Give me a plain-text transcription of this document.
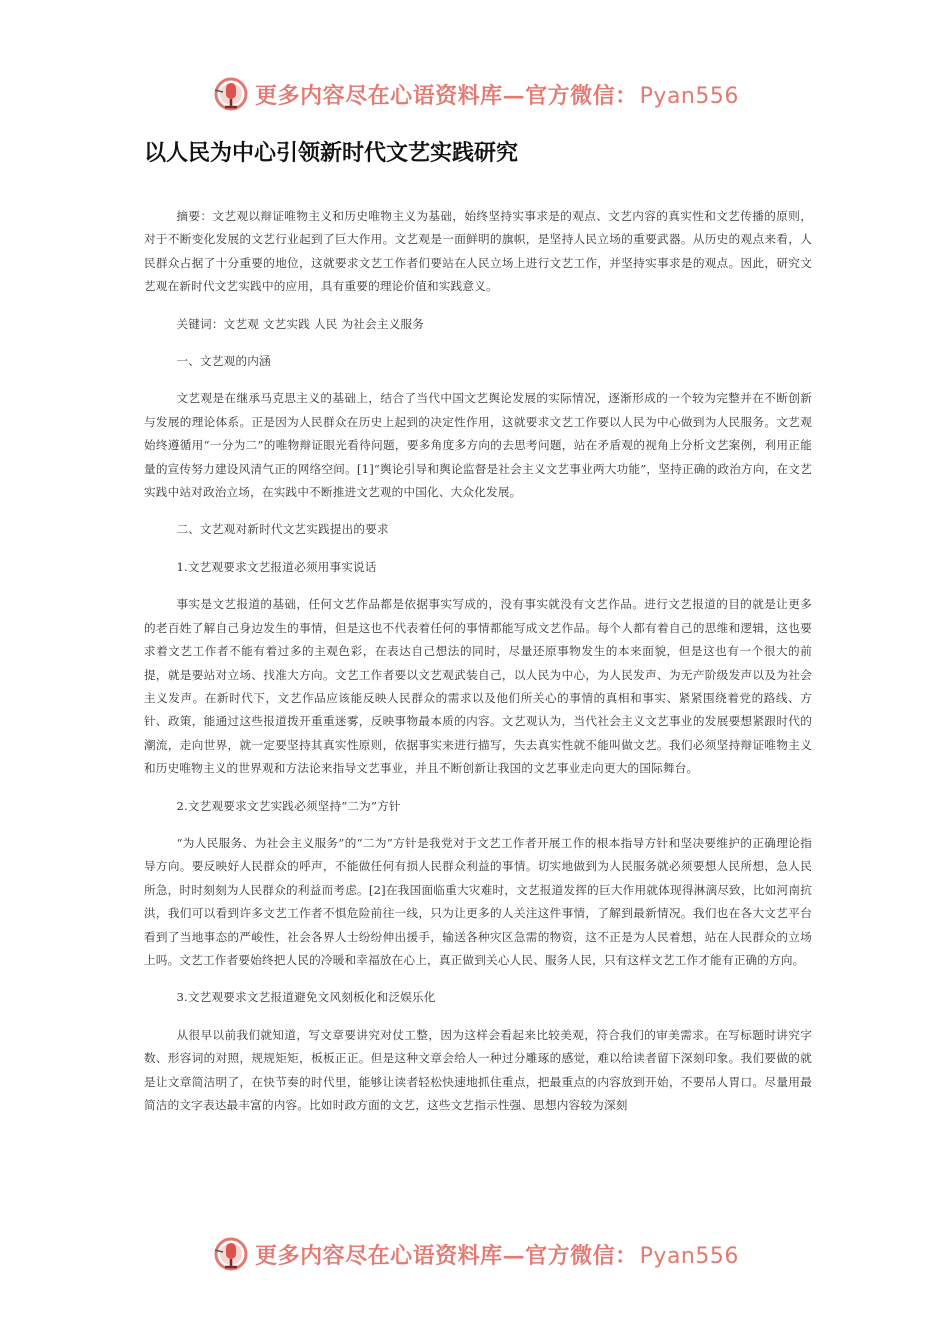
更多内容尽在心语资料库—官方微信：Pyan556
以人民为中心引领新时代文艺实践研究

摘要：文艺观以辩证唯物主义和历史唯物主义为基础，始终坚持实事求是的观点、文艺内容的真实性和文艺传播的原则，对于不断变化发展的文艺行业起到了巨大作用。文艺观是一面鲜明的旗帜，是坚持人民立场的重要武器。从历史的观点来看，人民群众占据了十分重要的地位，这就要求文艺工作者们要站在人民立场上进行文艺工作，并坚持实事求是的观点。因此，研究文艺观在新时代文艺实践中的应用，具有重要的理论价值和实践意义。

关键词：文艺观 文艺实践 人民 为社会主义服务

一、文艺观的内涵

文艺观是在继承马克思主义的基础上，结合了当代中国文艺舆论发展的实际情况，逐渐形成的一个较为完整并在不断创新与发展的理论体系。正是因为人民群众在历史上起到的决定性作用，这就要求文艺工作要以人民为中心做到为人民服务。文艺观始终遵循用“一分为二”的唯物辩证眼光看待问题，要多角度多方向的去思考问题，站在矛盾观的视角上分析文艺案例，利用正能量的宣传努力建设风清气正的网络空间。[1]“舆论引导和舆论监督是社会主义文艺事业两大功能”，坚持正确的政治方向，在文艺实践中站对政治立场，在实践中不断推进文艺观的中国化、大众化发展。

二、文艺观对新时代文艺实践提出的要求

1.文艺观要求文艺报道必须用事实说话

事实是文艺报道的基础，任何文艺作品都是依据事实写成的，没有事实就没有文艺作品。进行文艺报道的目的就是让更多的老百姓了解自己身边发生的事情，但是这也不代表着任何的事情都能写成文艺作品。每个人都有着自己的思维和逻辑，这也要求着文艺工作者不能有着过多的主观色彩，在表达自己想法的同时，尽量还原事物发生的本来面貌，但是这也有一个很大的前提，就是要站对立场、找准大方向。文艺工作者要以文艺观武装自己，以人民为中心，为人民发声、为无产阶级发声以及为社会主义发声。在新时代下，文艺作品应该能反映人民群众的需求以及他们所关心的事情的真相和事实、紧紧围绕着党的路线、方针、政策，能通过这些报道拨开重重迷雾，反映事物最本质的内容。文艺观认为，当代社会主义文艺事业的发展要想紧跟时代的潮流，走向世界，就一定要坚持其真实性原则，依据事实来进行描写，失去真实性就不能叫做文艺。我们必须坚持辩证唯物主义和历史唯物主义的世界观和方法论来指导文艺事业，并且不断创新让我国的文艺事业走向更大的国际舞台。

2.文艺观要求文艺实践必须坚持“二为”方针

“为人民服务、为社会主义服务”的“二为”方针是我党对于文艺工作者开展工作的根本指导方针和坚决要维护的正确理论指导方向。要反映好人民群众的呼声，不能做任何有损人民群众利益的事情。切实地做到为人民服务就必须要想人民所想，急人民所急，时时刻刻为人民群众的利益而考虑。[2]在我国面临重大灾难时，文艺报道发挥的巨大作用就体现得淋漓尽致，比如河南抗洪，我们可以看到许多文艺工作者不惧危险前往一线，只为让更多的人关注这件事情，了解到最新情况。我们也在各大文艺平台看到了当地事态的严峻性，社会各界人士纷纷伸出援手，输送各种灾区急需的物资，这不正是为人民着想，站在人民群众的立场上吗。文艺工作者要始终把人民的冷暖和幸福放在心上，真正做到关心人民、服务人民，只有这样文艺工作才能有正确的方向。

3.文艺观要求文艺报道避免文风刻板化和泛娱乐化

从很早以前我们就知道，写文章要讲究对仗工整，因为这样会看起来比较美观，符合我们的审美需求。在写标题时讲究字数、形容词的对照，规规矩矩，板板正正。但是这种文章会给人一种过分雕琢的感觉，难以给读者留下深刻印象。我们要做的就是让文章简洁明了，在快节奏的时代里，能够让读者轻松快速地抓住重点，把最重点的内容放到开始，不要吊人胃口。尽量用最简洁的文字表达最丰富的内容。比如时政方面的文艺，这些文艺指示性强、思想内容较为深刻

更多内容尽在心语资料库—官方微信：Pyan556
